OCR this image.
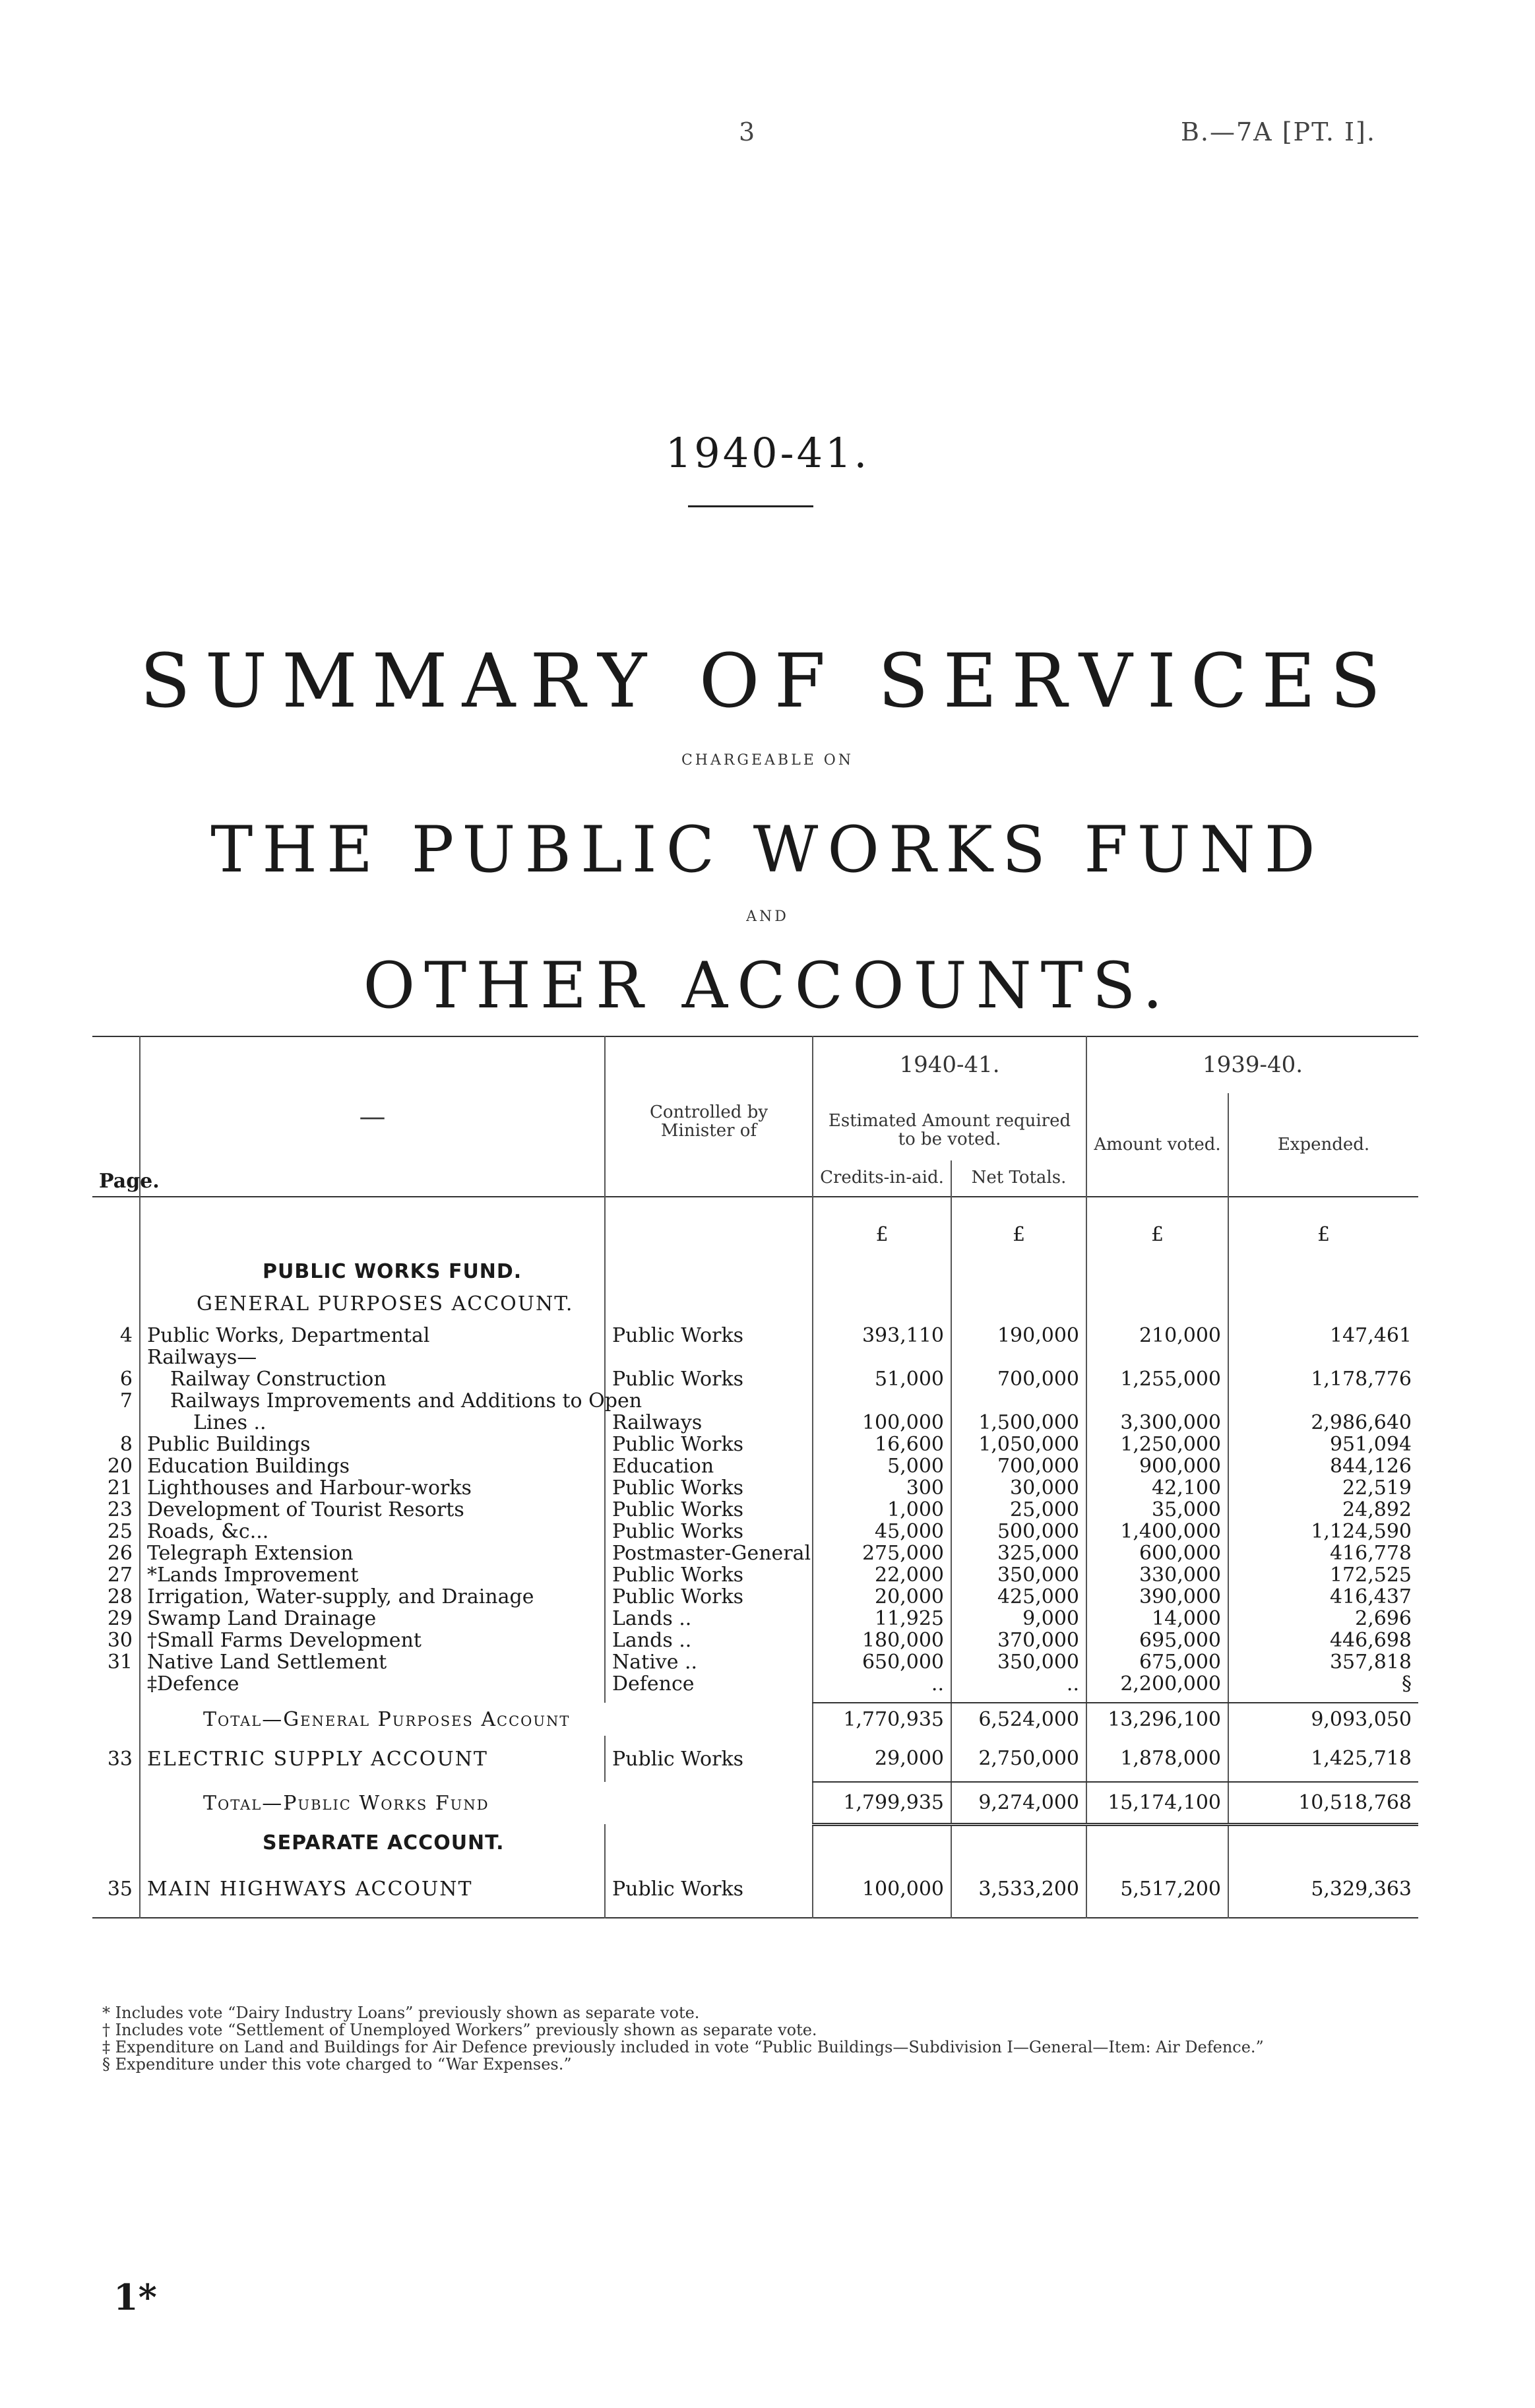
3	B.—7A [PT. I].
1940-41.
SUMMARY OF SERVICES
CHARGEABLE ON
THE PUBLIC WORKS FUND
AND
OTHER ACCOUNTS.
Page.	—	Controlled by Minister of	1940-41.		1939-40.	
			Estimated Amount required to be voted.		Amount voted.	Expended.
			Credits-in-aid.	Net Totals.		
			£	£	£	£
	PUBLIC WORKS FUND.					
	GENERAL PURPOSES ACCOUNT.					

4	Public Works, Departmental	Public Works	393,110	190,000	210,000	147,461
	Railways—					
6	Railway Construction	Public Works	51,000	700,000	1,255,000	1,178,776
7	Railways Improvements and Additions to Open					
	Lines ..	Railways	100,000	1,500,000	3,300,000	2,986,640
8	Public Buildings	Public Works	16,600	1,050,000	1,250,000	951,094
20	Education Buildings	Education	5,000	700,000	900,000	844,126
21	Lighthouses and Harbour-works	Public Works	300	30,000	42,100	22,519
23	Development of Tourist Resorts	Public Works	1,000	25,000	35,000	24,892
25	Roads, &c...	Public Works	45,000	500,000	1,400,000	1,124,590
26	Telegraph Extension	Postmaster-General	275,000	325,000	600,000	416,778
27	*Lands Improvement	Public Works	22,000	350,000	330,000	172,525
28	Irrigation, Water-supply, and Drainage	Public Works	20,000	425,000	390,000	416,437
29	Swamp Land Drainage	Lands ..	11,925	9,000	14,000	2,696
30	†Small Farms Development	Lands ..	180,000	370,000	695,000	446,698
31	Native Land Settlement	Native ..	650,000	350,000	675,000	357,818
	‡Defence	Defence	..	..	2,200,000	§

	Total—General Purposes Account		1,770,935	6,524,000	13,296,100	9,093,050
33	ELECTRIC SUPPLY ACCOUNT	Public Works	29,000	2,750,000	1,878,000	1,425,718
	Total—Public Works Fund		1,799,935	9,274,000	15,174,100	10,518,768
	SEPARATE ACCOUNT.					
35	MAIN HIGHWAYS ACCOUNT	Public Works	100,000	3,533,200	5,517,200	5,329,363
* Includes vote “Dairy Industry Loans” previously shown as separate vote.
† Includes vote “Settlement of Unemployed Workers” previously shown as separate vote.
‡ Expenditure on Land and Buildings for Air Defence previously included in vote “Public Buildings—Subdivision I—General—Item: Air Defence.”
§ Expenditure under this vote charged to “War Expenses.”
1*
